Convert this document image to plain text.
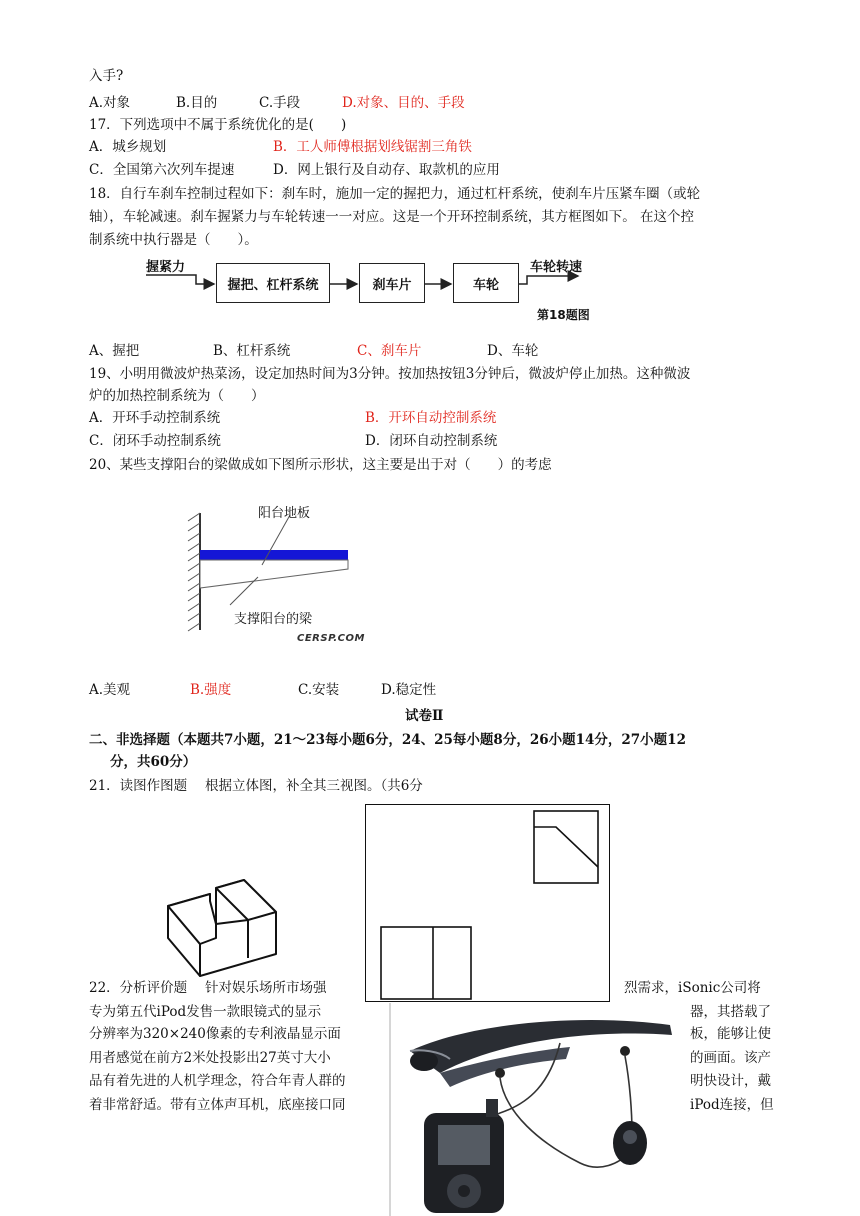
入手?
A.对象	B.目的	C.手段	D.对象、目的、手段
17．下列选项中不属于系统优化的是(　　)
A．城乡规划	B．工人师傅根据划线锯割三角铁
C．全国第六次列车提速	D．网上银行及自动存、取款机的应用
18．自行车刹车控制过程如下：刹车时，施加一定的握把力，通过杠杆系统，使刹车片压紧车圈（或轮
轴），车轮减速。刹车握紧力与车轮转速一一对应。这是一个开环控制系统，其方框图如下。 在这个控
制系统中执行器是（　　）。
握紧力
握把、杠杆系统	刹车片	车轮
车轮转速
第18题图
A、握把	B、杠杆系统	C、刹车片	D、车轮
19、小明用微波炉热菜汤，设定加热时间为3分钟。按加热按钮3分钟后，微波炉停止加热。这种微波
炉的加热控制系统为（　　）
A．开环手动控制系统	B．开环自动控制系统
C．闭环手动控制系统	D．闭环自动控制系统
20、某些支撑阳台的梁做成如下图所示形状，这主要是出于对（　　）的考虑
阳台地板
支撑阳台的梁
CERSP.COM
A.美观	B.强度	C.安装	D.稳定性
试卷Ⅱ
二、非选择题（本题共7小题，21～23每小题6分，24、25每小题8分，26小题14分，27小题12
分，共60分）
21．读图作图题　 根据立体图，补全其三视图。（共6分
22．分析评价题　 针对娱乐场所市场强	烈需求，iSonic公司将
专为第五代iPod发售一款眼镜式的显示	器，其搭载了
分辨率为320×240像素的专利液晶显示面	板，能够让使
用者感觉在前方2米处投影出27英寸大小	的画面。该产
品有着先进的人机学理念，符合年青人群的	明快设计，戴
着非常舒适。带有立体声耳机，底座接口同	iPod连接，但
